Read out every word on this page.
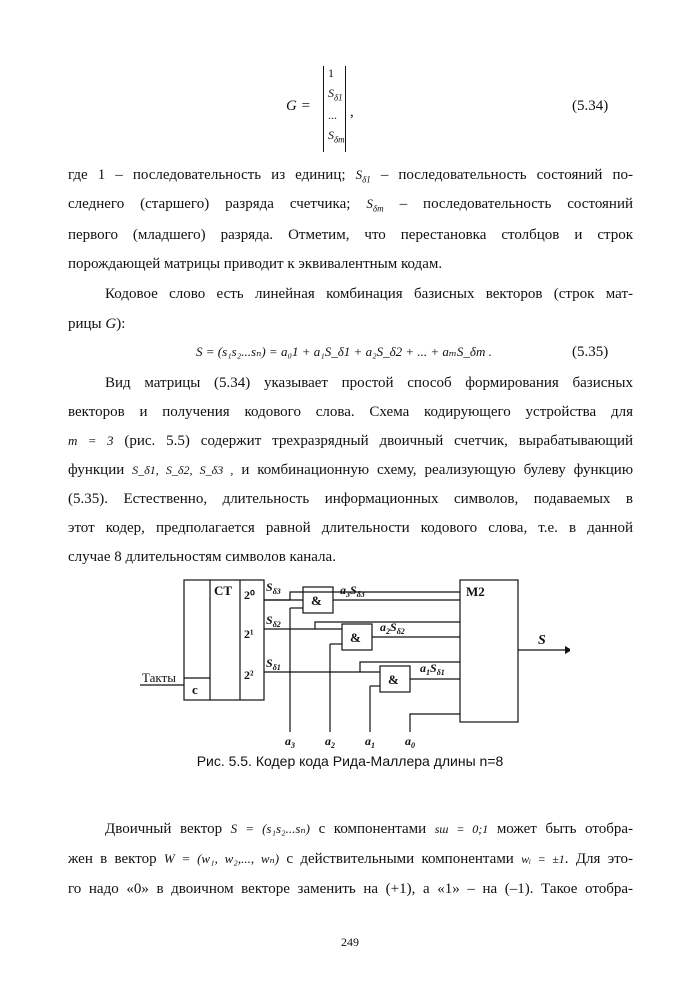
G =
1
$S_{\delta 1}$
...
$S_{\delta m}$
,	(5.34)
где 1 – последовательность из единиц; $S_{\delta 1}$ – последовательность состояний по-
следнего (старшего) разряда счетчика; $S_{\delta m}$ – последовательность состояний
первого (младшего) разряда. Отметим, что перестановка столбцов и строк
порождающей матрицы приводит к эквивалентным кодам.
Кодовое слово есть линейная комбинация базисных векторов (строк мат-
рицы G):
S = (s₁s₂...sₙ) = a₀1 + a₁S_δ1 + a₂S_δ2 + ... + aₘS_δm .	(5.35)
Вид матрицы (5.34) указывает простой способ формирования базисных
векторов и получения кодового слова. Схема кодирующего устройства для
m = 3 (рис. 5.5) содержит трехразрядный двоичный счетчик, вырабатывающий
функции S_δ1, S_δ2, S_δ3 , и комбинационную схему, реализующую булеву функцию
(5.35). Естественно, длительность информационных символов, подаваемых в
этот кодер, предполагается равной длительности кодового слова, т.е. в данной
случае 8 длительностям символов канала.
CT
c
Такты
M2
S
2⁰
2¹
2²
$S_{\delta 3}$
$S_{\delta 2}$
$S_{\delta 1}$
&
&
&
$a_3S_{\delta 3}$
$a_2S_{\delta 2}$
$a_1S_{\delta 1}$
$a_3$	$a_2$	$a_1$	$a_0$
Рис. 5.5. Кодер кода Рида-Маллера длины n=8
Двоичный вектор S = (s₁s₂...sₙ) с компонентами sш = 0;1 может быть отобра-
жен в вектор W = (w₁, w₂,..., wₙ) с действительными компонентами wᵢ = ±1. Для это-
го надо «0» в двоичном векторе заменить на (+1), а «1» – на (–1). Такое отобра-
249
